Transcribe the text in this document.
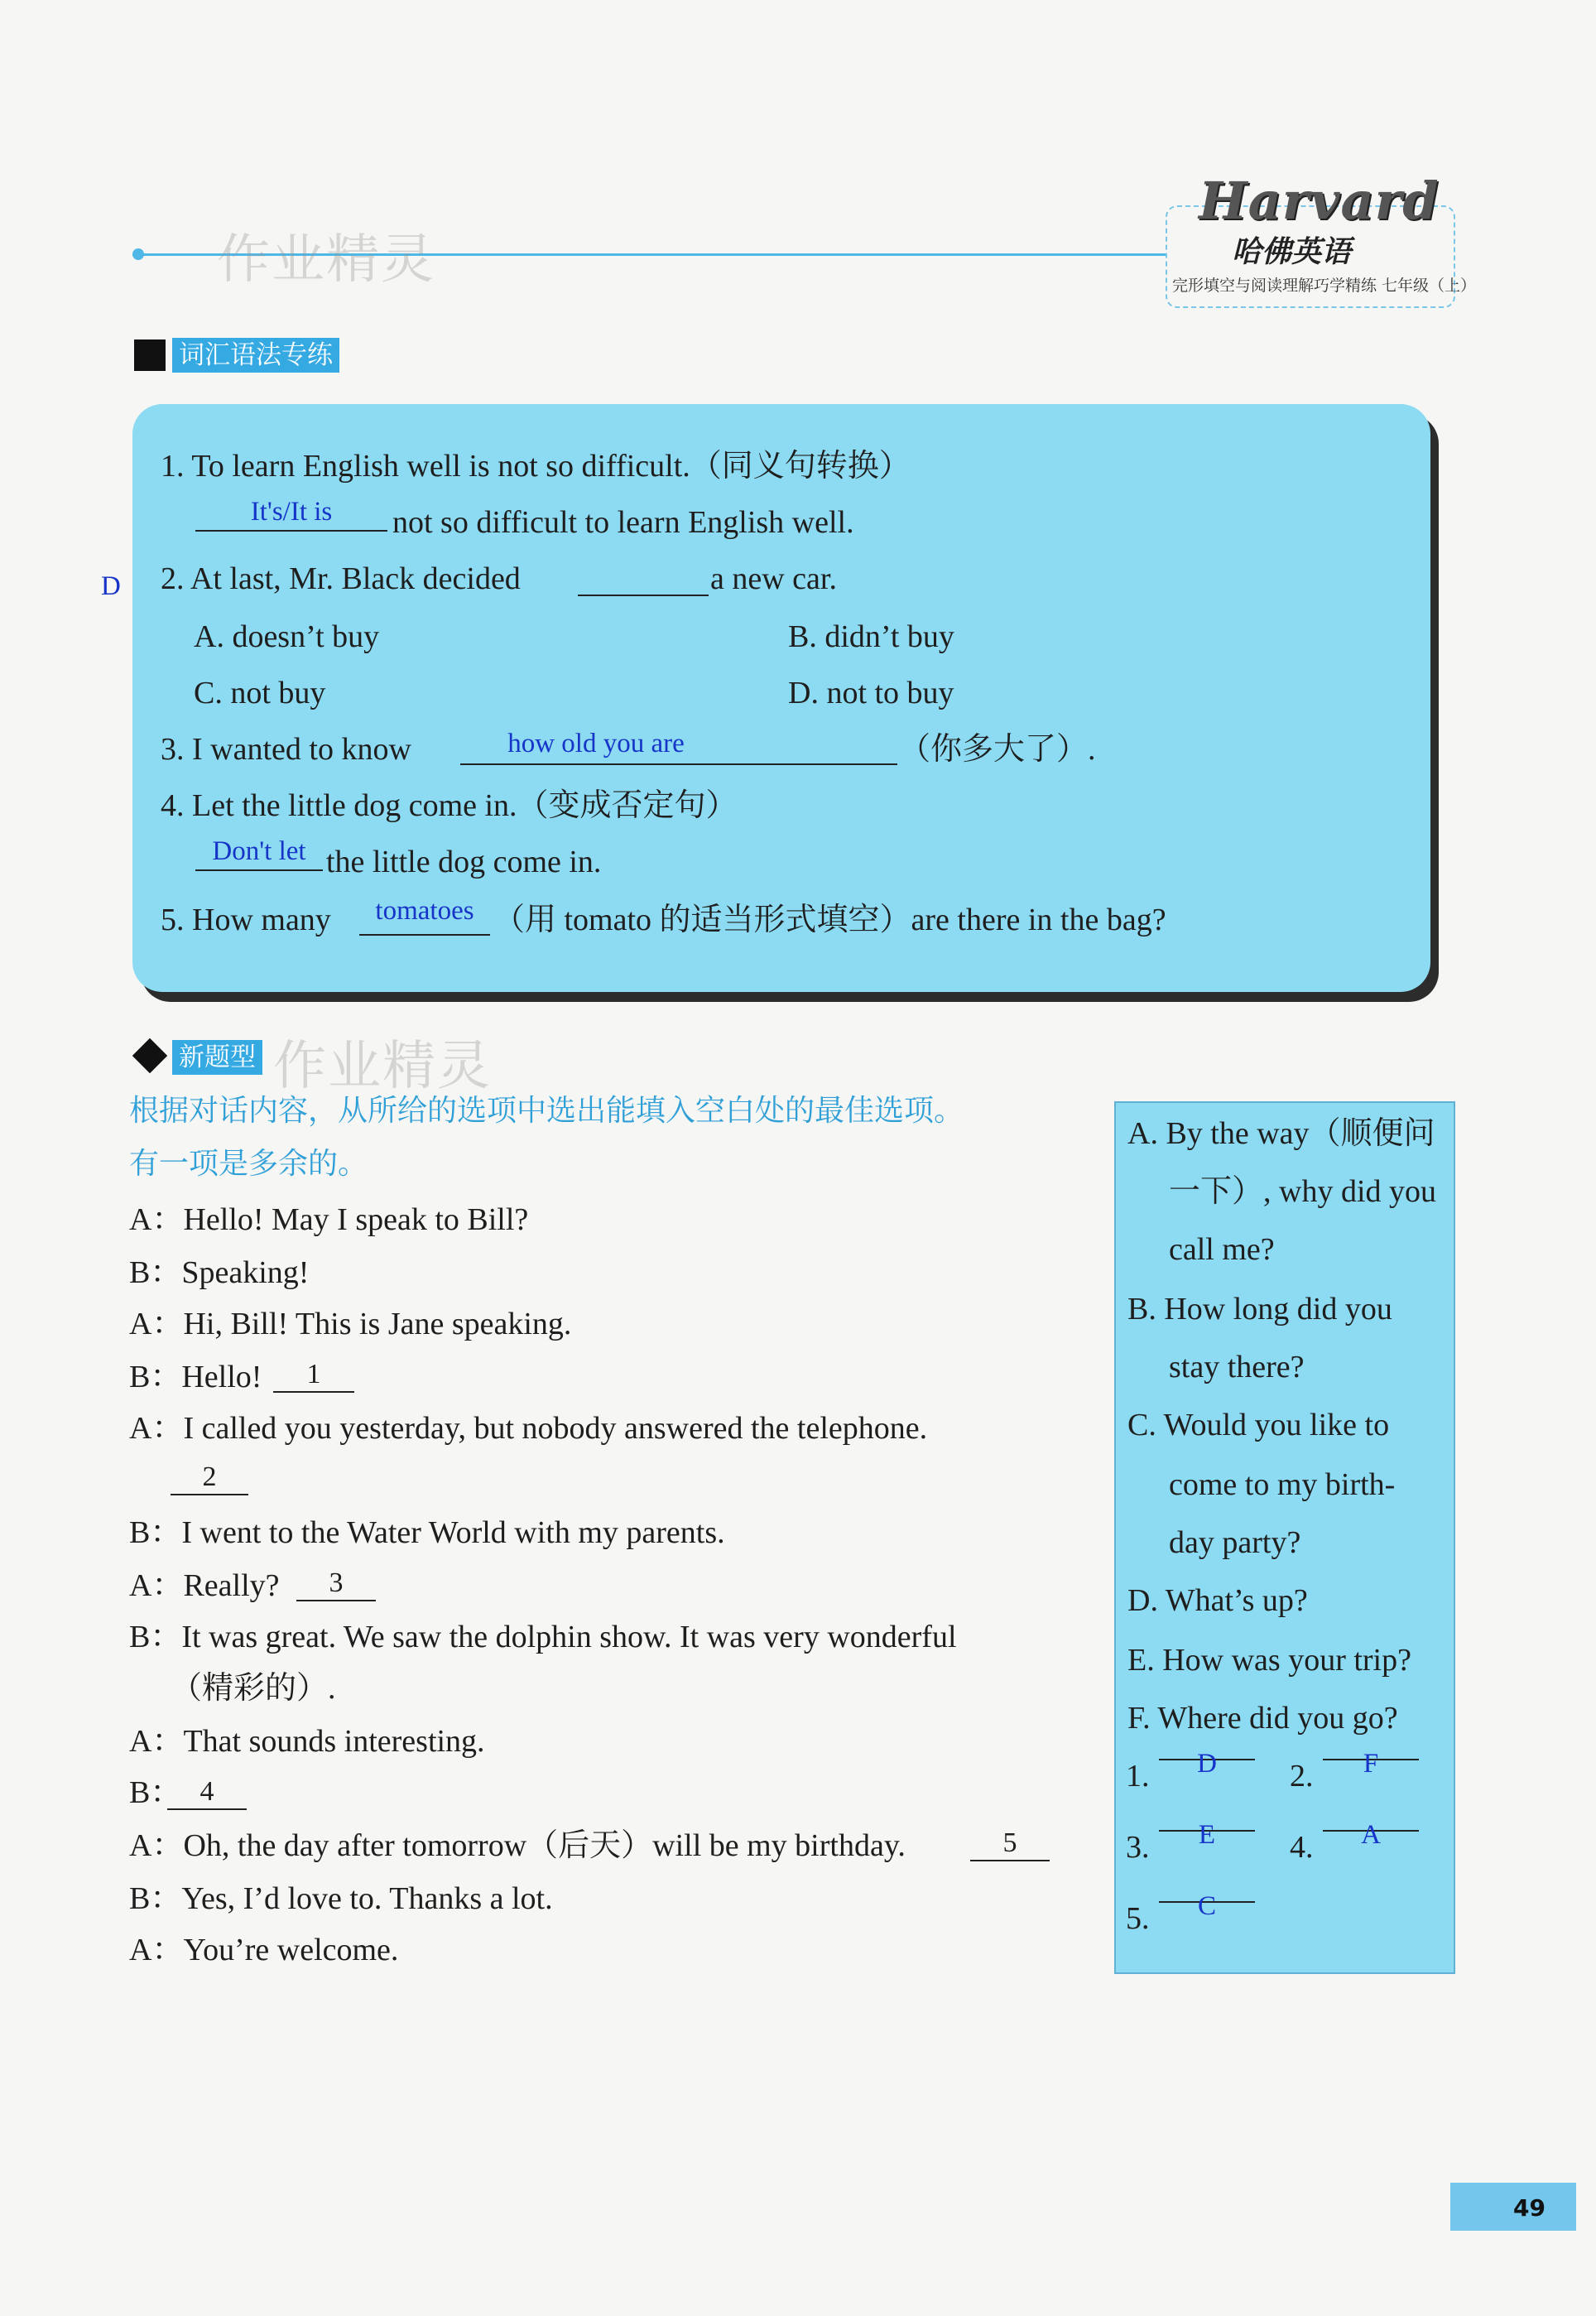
作业精灵
Harvard
哈佛英语
完形填空与阅读理解巧学精练 七年级（上）
词汇语法专练
1. To learn English well is not so difficult.（同义句转换）
It's/It is	not so difficult to learn English well.
D 2. At last, Mr. Black decided	a new car.
A. doesn’t buy	B. didn’t buy
C. not buy	D. not to buy
3. I wanted to know	how old you are	（你多大了）.
4. Let the little dog come in.（变成否定句）
Don't let the little dog come in.
5. How many	tomatoes （用 tomato 的适当形式填空）are there in the bag?
新题型 作业精灵
根据对话内容，从所给的选项中选出能填入空白处的最佳选项。
有一项是多余的。
A：Hello! May I speak to Bill?
B：Speaking!
A：Hi, Bill! This is Jane speaking.
B：Hello!	1
A：I called you yesterday, but nobody answered the telephone.
2
B：I went to the Water World with my parents.
A：Really?	3
B：It was great. We saw the dolphin show. It was very wonderful
（精彩的）.
A：That sounds interesting.
B： 4
A：Oh, the day after tomorrow（后天）will be my birthday.	5
B：Yes, I’d love to. Thanks a lot.
A：You’re welcome.
A. By the way（顺便问
一下）, why did you
call me?
B. How long did you
stay there?
C. Would you like to
come to my birth-
day party?
D. What’s up?
E. How was your trip?
F. Where did you go?
1.	D	2.	F
3.	E	4.	A
5.	C
49
